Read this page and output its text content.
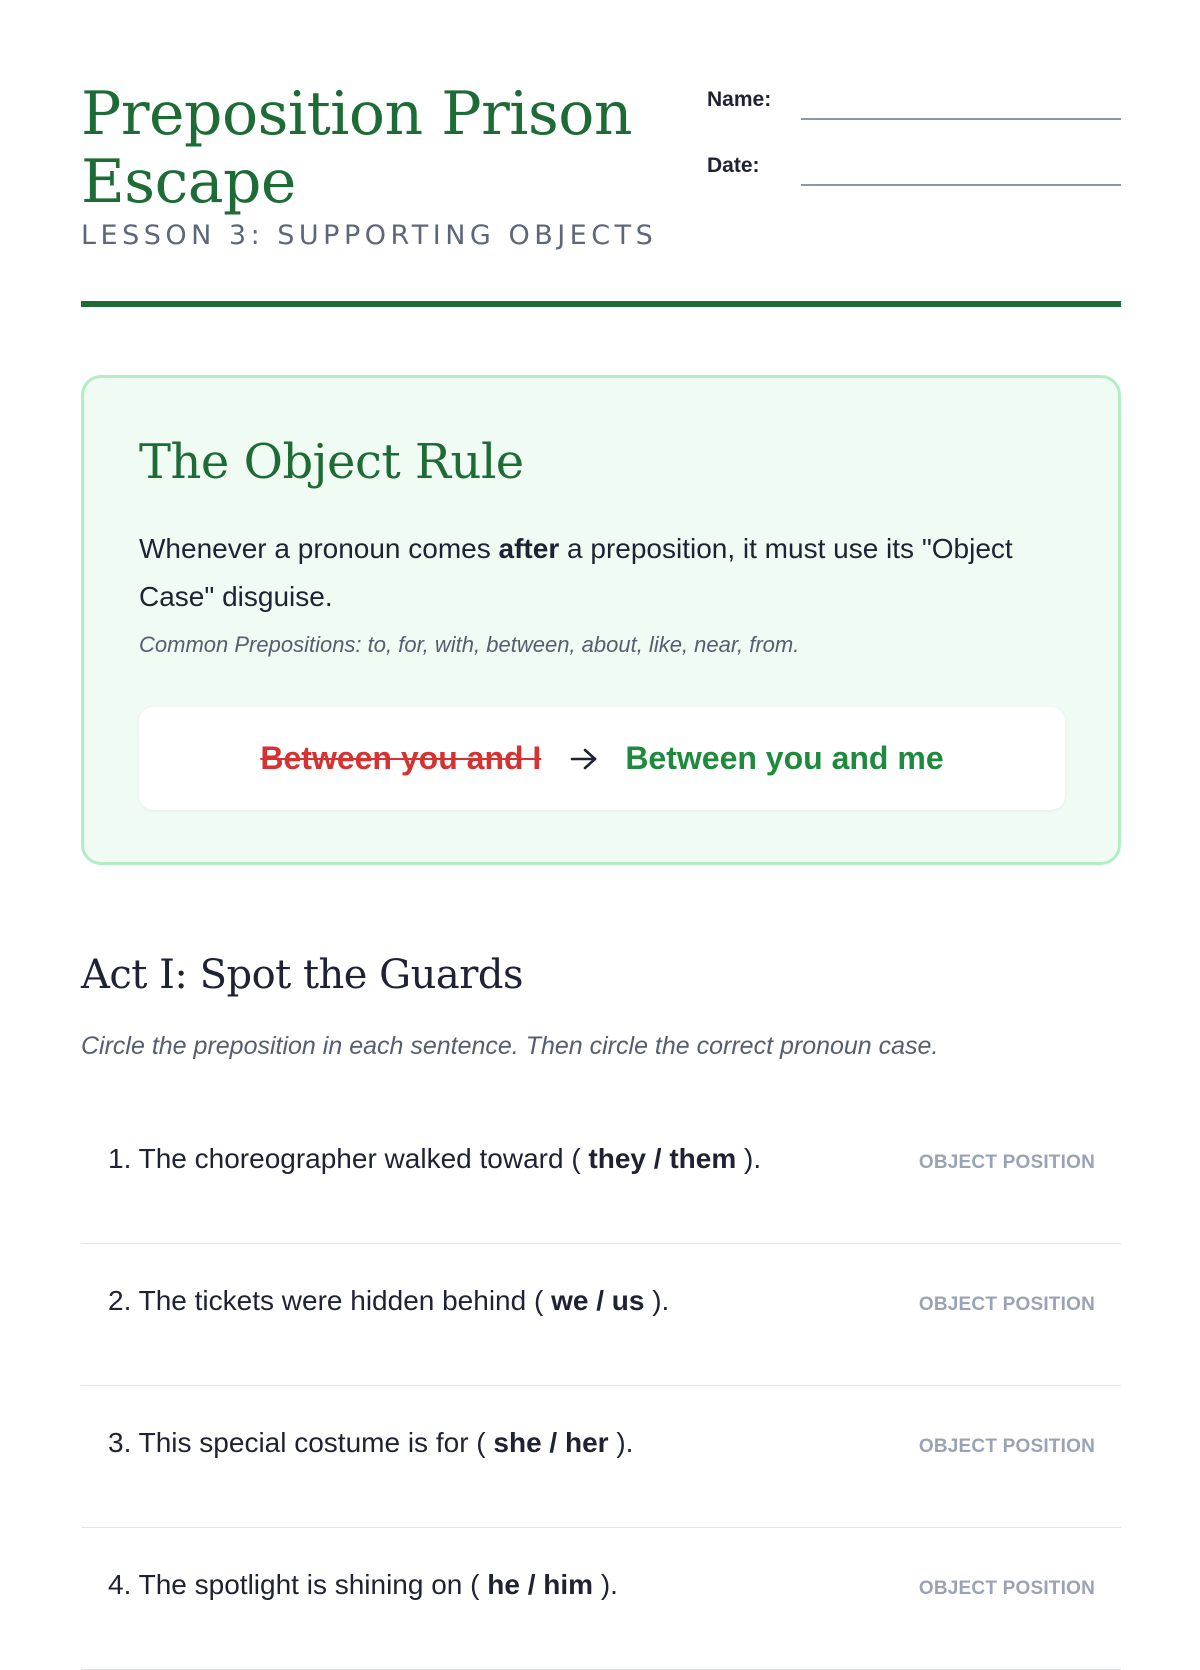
Preposition Prison Escape
LESSON 3: SUPPORTING OBJECTS
Name:
Date:
The Object Rule

Whenever a pronoun comes after a preposition, it must use its "Object Case" disguise.

Common Prepositions: to, for, with, between, about, like, near, from.

Between you and I	Between you and me
Act I: Spot the Guards

Circle the preposition in each sentence. Then circle the correct pronoun case.

1. The choreographer walked toward ( they / them ).	OBJECT POSITION
2. The tickets were hidden behind ( we / us ).	OBJECT POSITION
3. This special costume is for ( she / her ).	OBJECT POSITION
4. The spotlight is shining on ( he / him ).	OBJECT POSITION
